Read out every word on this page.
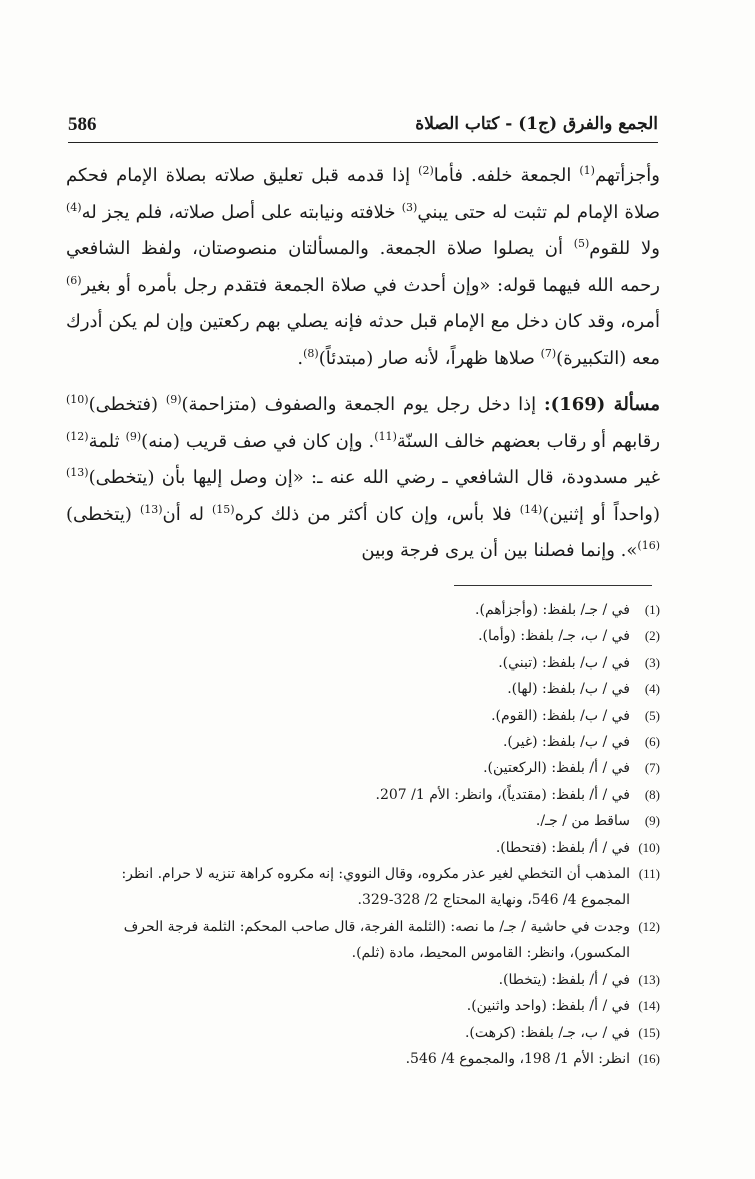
586	الجمع والفرق (ج1) - كتاب الصلاة

وأجزأتهم$^{(1)}$ الجمعة خلفه. فأما$^{(2)}$ إذا قدمه قبل تعليق صلاته بصلاة الإمام فحكم صلاة الإمام لم تثبت له حتى يبني$^{(3)}$ خلافته ونيابته على أصل صلاته، فلم يجز له$^{(4)}$ ولا للقوم$^{(5)}$ أن يصلوا صلاة الجمعة. والمسألتان منصوصتان، ولفظ الشافعي رحمه الله فيهما قوله: «وإن أحدث في صلاة الجمعة فتقدم رجل بأمره أو بغير$^{(6)}$ أمره، وقد كان دخل مع الإمام قبل حدثه فإنه يصلي بهم ركعتين وإن لم يكن أدرك معه (التكبيرة)$^{(7)}$ صلاها ظهراً، لأنه صار (مبتدئاً)$^{(8)}$.

مسألة (169): إذا دخل رجل يوم الجمعة والصفوف (متزاحمة)$^{(9)}$ (فتخطى)$^{(10)}$ رقابهم أو رقاب بعضهم خالف السنّة$^{(11)}$. وإن كان في صف قريب (منه)$^{(9)}$ ثلمة$^{(12)}$ غير مسدودة، قال الشافعي ـ رضي الله عنه ـ: «إن وصل إليها بأن (يتخطى)$^{(13)}$ (واحداً أو إثنين)$^{(14)}$ فلا بأس، وإن كان أكثر من ذلك كره$^{(15)}$ له أن$^{(13)}$ (يتخطى)$^{(16)}$». وإنما فصلنا بين أن يرى فرجة وبين

(1)
في / جـ/ بلفظ: (وأجزأهم).
(2)
في / ب، جـ/ بلفظ: (وأما).
(3)
في / ب/ بلفظ: (تبني).
(4)
في / ب/ بلفظ: (لها).
(5)
في / ب/ بلفظ: (القوم).
(6)
في / ب/ بلفظ: (غير).
(7)
في / أ/ بلفظ: (الركعتين).
(8)
في / أ/ بلفظ: (مقتدياً)، وانظر: الأم 1/ 207.
(9)
ساقط من / جـ/.
(10)
في / أ/ بلفظ: (فتحطا).
(11)
المذهب أن التخطي لغير عذر مكروه، وقال النووي: إنه مكروه كراهة تنزيه لا حرام. انظر: المجموع 4/ 546، ونهاية المحتاج 2/ 328-329.
(12)
وجدت في حاشية / جـ/ ما نصه: (الثلمة الفرجة، قال صاحب المحكم: الثلمة فرجة الحرف المكسور)، وانظر: القاموس المحيط، مادة (ثلم).
(13)
في / أ/ بلفظ: (يتخطا).
(14)
في / أ/ بلفظ: (واحد واثنين).
(15)
في / ب، جـ/ بلفظ: (كرهت).
(16)
انظر: الأم 1/ 198، والمجموع 4/ 546.
